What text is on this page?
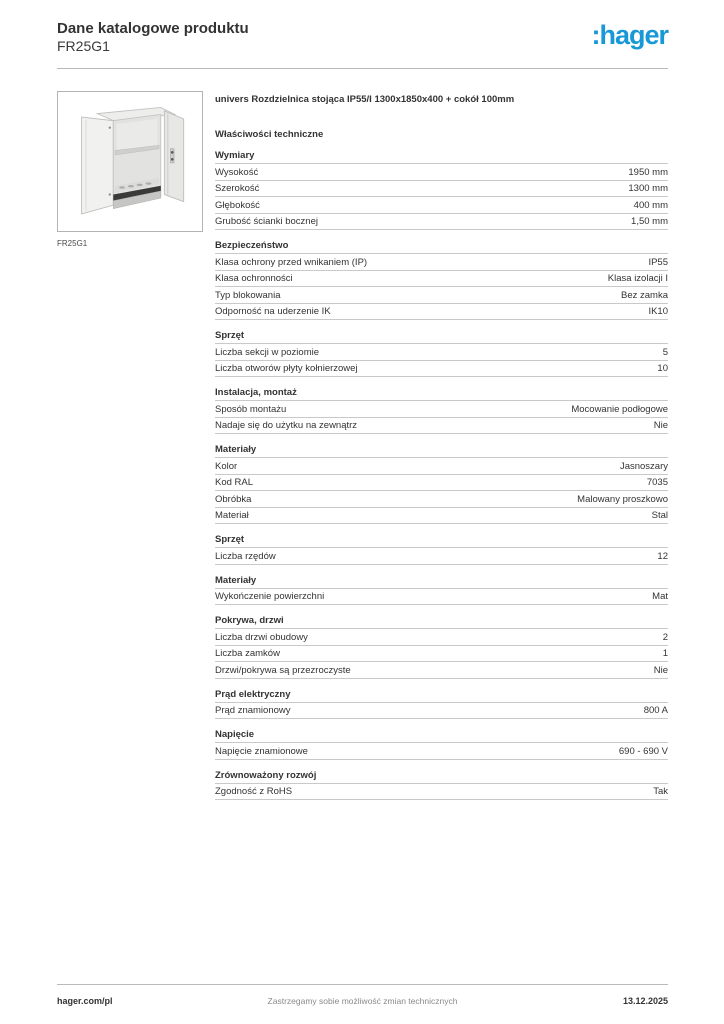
Dane katalogowe produktu
FR25G1	:hager
FR25G1
univers Rozdzielnica stojąca IP55/I 1300x1850x400 + cokół 100mm
Właściwości techniczne
Wymiary
Wysokość	1950 mm
Szerokość	1300 mm
Głębokość	400 mm
Grubość ścianki bocznej	1,50 mm
Bezpieczeństwo
Klasa ochrony przed wnikaniem (IP)	IP55
Klasa ochronności	Klasa izolacji I
Typ blokowania	Bez zamka
Odporność na uderzenie IK	IK10
Sprzęt
Liczba sekcji w poziomie	5
Liczba otworów płyty kołnierzowej	10
Instalacja, montaż
Sposób montażu	Mocowanie podłogowe
Nadaje się do użytku na zewnątrz	Nie
Materiały
Kolor	Jasnoszary
Kod RAL	7035
Obróbka	Malowany proszkowo
Materiał	Stal
Sprzęt
Liczba rzędów	12
Materiały
Wykończenie powierzchni	Mat
Pokrywa, drzwi
Liczba drzwi obudowy	2
Liczba zamków	1
Drzwi/pokrywa są przezroczyste	Nie
Prąd elektryczny
Prąd znamionowy	800 A
Napięcie
Napięcie znamionowe	690 - 690 V
Zrównoważony rozwój
Zgodność z RoHS	Tak
hager.com/pl	Zastrzegamy sobie możliwość zmian technicznych	13.12.2025
